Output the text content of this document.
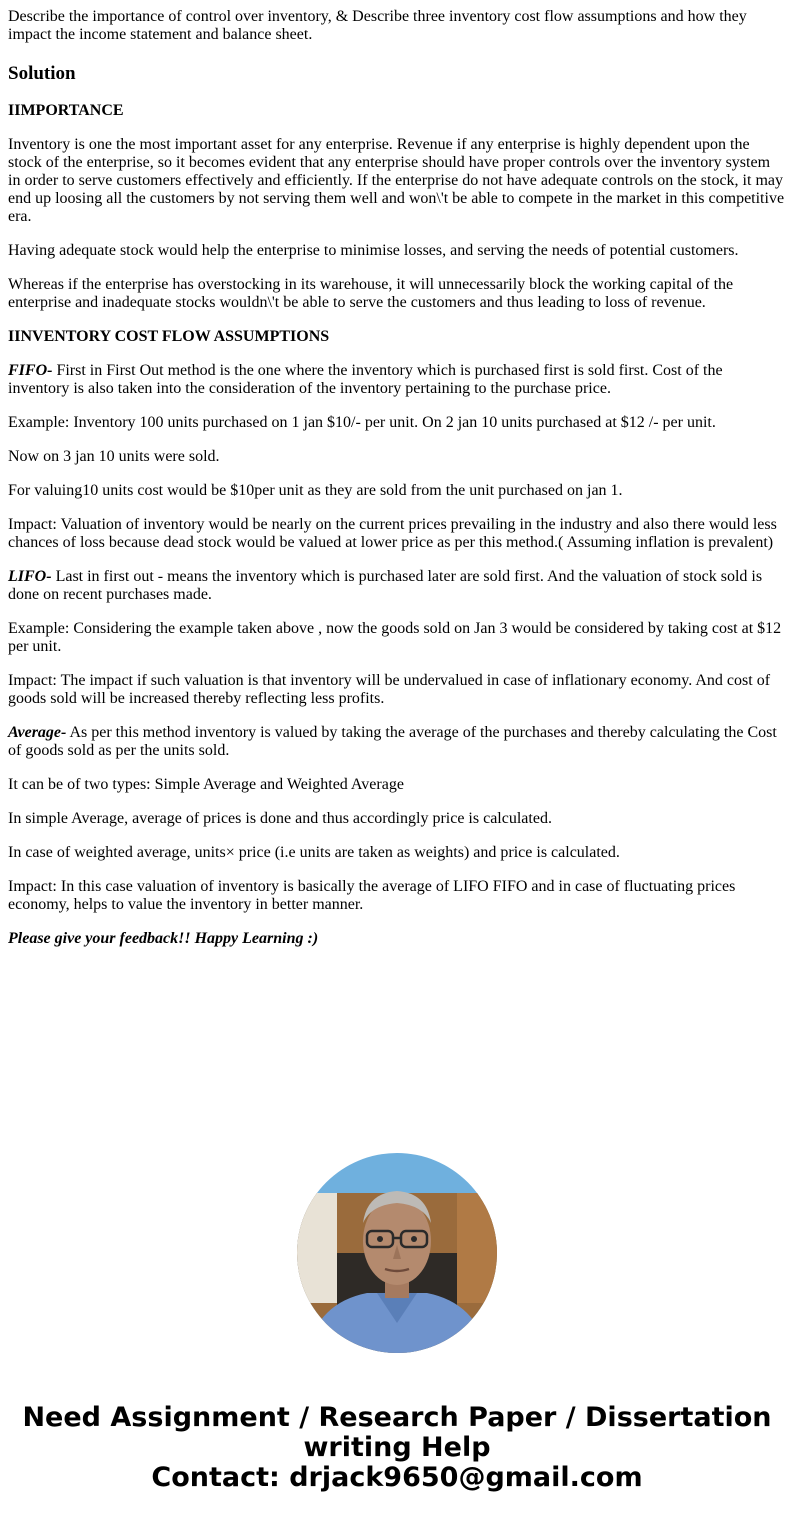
Describe the importance of control over inventory, & Describe three inventory cost flow assumptions and how they impact the income statement and balance sheet.

Solution

IIMPORTANCE

Inventory is one the most important asset for any enterprise. Revenue if any enterprise is highly dependent upon the stock of the enterprise, so it becomes evident that any enterprise should have proper controls over the inventory system in order to serve customers effectively and efficiently. If the enterprise do not have adequate controls on the stock, it may end up loosing all the customers by not serving them well and won\'t be able to compete in the market in this competitive era.

Having adequate stock would help the enterprise to minimise losses, and serving the needs of potential customers.

Whereas if the enterprise has overstocking in its warehouse, it will unnecessarily block the working capital of the enterprise and inadequate stocks wouldn\'t be able to serve the customers and thus leading to loss of revenue.

IINVENTORY COST FLOW ASSUMPTIONS

FIFO- First in First Out method is the one where the inventory which is purchased first is sold first. Cost of the inventory is also taken into the consideration of the inventory pertaining to the purchase price.

Example: Inventory 100 units purchased on 1 jan $10/- per unit. On 2 jan 10 units purchased at $12 /- per unit.

Now on 3 jan 10 units were sold.

For valuing10 units cost would be $10per unit as they are sold from the unit purchased on jan 1.

Impact: Valuation of inventory would be nearly on the current prices prevailing in the industry and also there would less chances of loss because dead stock would be valued at lower price as per this method.( Assuming inflation is prevalent)

LIFO- Last in first out - means the inventory which is purchased later are sold first. And the valuation of stock sold is done on recent purchases made.

Example: Considering the example taken above , now the goods sold on Jan 3 would be considered by taking cost at $12 per unit.

Impact: The impact if such valuation is that inventory will be undervalued in case of inflationary economy. And cost of goods sold will be increased thereby reflecting less profits.

Average- As per this method inventory is valued by taking the average of the purchases and thereby calculating the Cost of goods sold as per the units sold.

It can be of two types: Simple Average and Weighted Average

In simple Average, average of prices is done and thus accordingly price is calculated.

In case of weighted average, units× price (i.e units are taken as weights) and price is calculated.

Impact: In this case valuation of inventory is basically the average of LIFO FIFO and in case of fluctuating prices economy, helps to value the inventory in better manner.

Please give your feedback!! Happy Learning :)

Need Assignment / Research Paper / Dissertation
writing Help
Contact: drjack9650@gmail.com
